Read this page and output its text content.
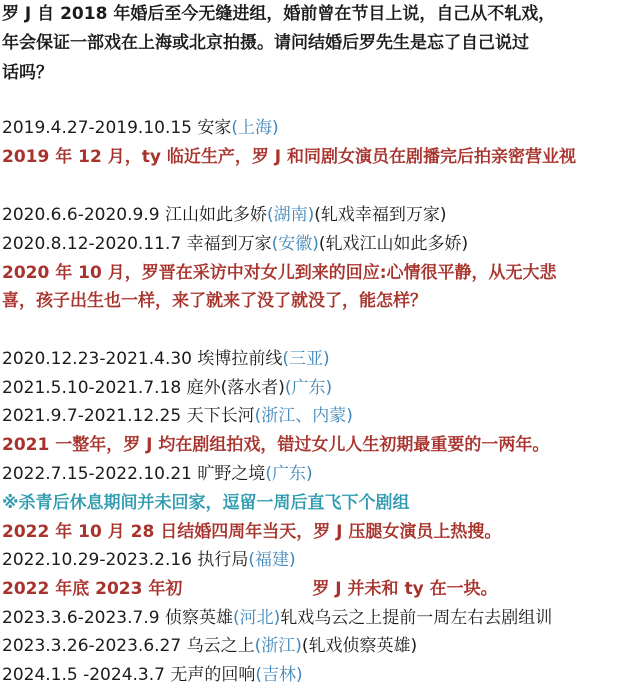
罗 J 自 2018 年婚后至今无缝进组，婚前曾在节目上说，自己从不轧戏，
年会保证一部戏在上海或北京拍摄。请问结婚后罗先生是忘了自己说过
话吗？
2019.4.27-2019.10.15 安家(上海)
2019 年 12 月，ty 临近生产，罗 J 和同剧女演员在剧播完后拍亲密营业视
2020.6.6-2020.9.9 江山如此多娇(湖南)(轧戏幸福到万家)
2020.8.12-2020.11.7 幸福到万家(安徽)(轧戏江山如此多娇)
2020 年 10 月，罗晋在采访中对女儿到来的回应:心情很平静，从无大悲
喜，孩子出生也一样，来了就来了没了就没了，能怎样？
2020.12.23-2021.4.30 埃博拉前线(三亚)
2021.5.10-2021.7.18 庭外(落水者)(广东)
2021.9.7-2021.12.25 天下长河(浙江、内蒙)
2021 一整年，罗 J 均在剧组拍戏，错过女儿人生初期最重要的一两年。
2022.7.15-2022.10.21 旷野之境(广东)
※杀青后休息期间并未回家，逗留一周后直飞下个剧组
2022 年 10 月 28 日结婚四周年当天，罗 J 压腿女演员上热搜。
2022.10.29-2023.2.16 执行局(福建)
2022 年底 2023 年初	罗 J 并未和 ty 在一块。
2023.3.6-2023.7.9 侦察英雄(河北)轧戏乌云之上提前一周左右去剧组训
2023.3.26-2023.6.27 乌云之上(浙江)(轧戏侦察英雄)
2024.1.5 -2024.3.7 无声的回响(吉林)
